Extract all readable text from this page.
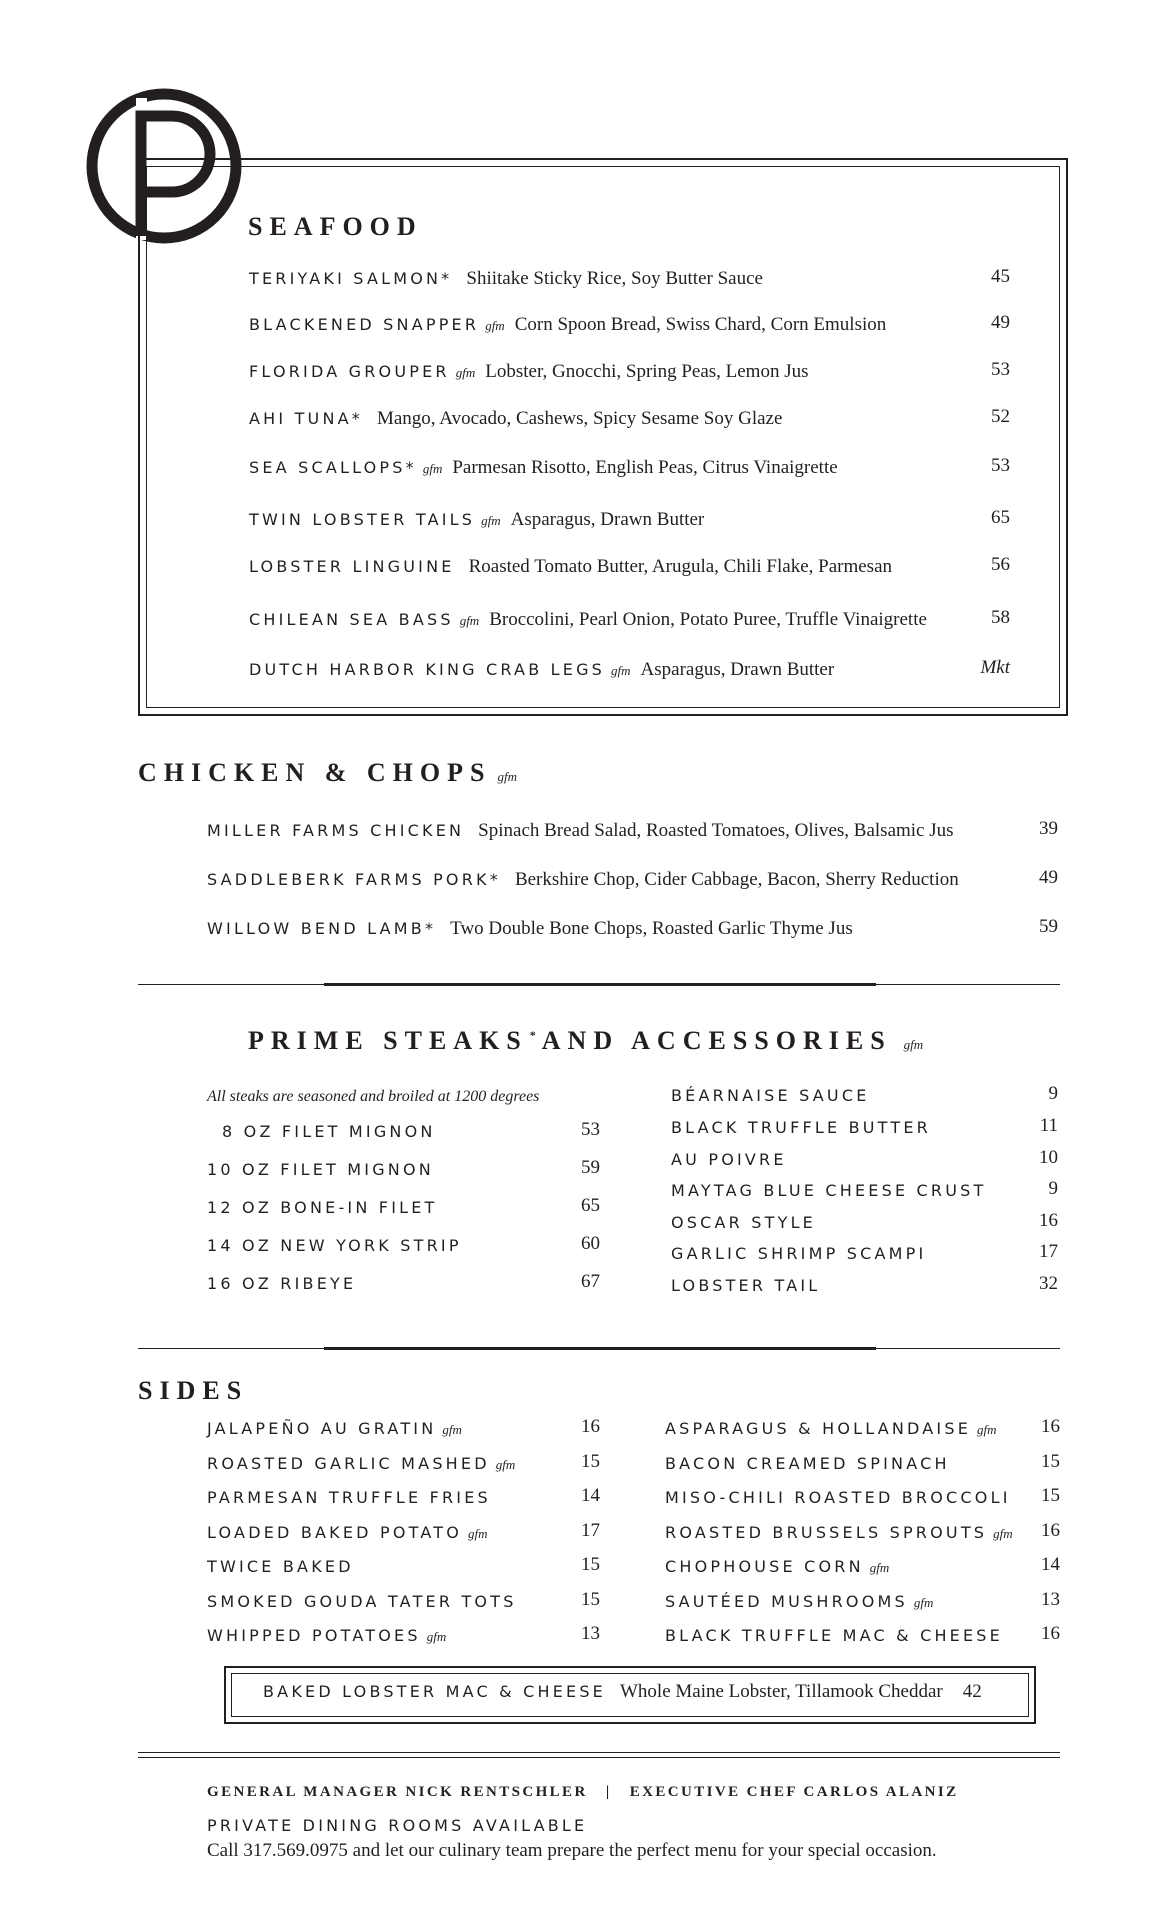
SEAFOOD
TERIYAKI SALMON* Shiitake Sticky Rice, Soy Butter Sauce	45
BLACKENED SNAPPER gfm Corn Spoon Bread, Swiss Chard, Corn Emulsion	49
FLORIDA GROUPER gfm Lobster, Gnocchi, Spring Peas, Lemon Jus	53
AHI TUNA* Mango, Avocado, Cashews, Spicy Sesame Soy Glaze	52
SEA SCALLOPS* gfm Parmesan Risotto, English Peas, Citrus Vinaigrette	53
TWIN LOBSTER TAILS gfm Asparagus, Drawn Butter	65
LOBSTER LINGUINE Roasted Tomato Butter, Arugula, Chili Flake, Parmesan	56
CHILEAN SEA BASS gfm Broccolini, Pearl Onion, Potato Puree, Truffle Vinaigrette	58
DUTCH HARBOR KING CRAB LEGS gfm Asparagus, Drawn Butter	Mkt
CHICKEN & CHOPS gfm
MILLER FARMS CHICKEN Spinach Bread Salad, Roasted Tomatoes, Olives, Balsamic Jus	39
SADDLEBERK FARMS PORK* Berkshire Chop, Cider Cabbage, Bacon, Sherry Reduction	49
WILLOW BEND LAMB* Two Double Bone Chops, Roasted Garlic Thyme Jus	59
PRIME STEAKS * AND ACCESSORIES gfm
All steaks are seasoned and broiled at 1200 degrees
8 OZ FILET MIGNON	53
10 OZ FILET MIGNON	59
12 OZ BONE-IN FILET	65
14 OZ NEW YORK STRIP	60
16 OZ RIBEYE	67
BÉARNAISE SAUCE	9
BLACK TRUFFLE BUTTER	11
AU POIVRE	10
MAYTAG BLUE CHEESE CRUST	9
OSCAR STYLE	16
GARLIC SHRIMP SCAMPI	17
LOBSTER TAIL	32
SIDES
JALAPEÑO AU GRATIN gfm	16
ROASTED GARLIC MASHED gfm	15
PARMESAN TRUFFLE FRIES	14
LOADED BAKED POTATO gfm	17
TWICE BAKED	15
SMOKED GOUDA TATER TOTS	15
WHIPPED POTATOES gfm	13
ASPARAGUS & HOLLANDAISE gfm	16
BACON CREAMED SPINACH	15
MISO-CHILI ROASTED BROCCOLI	15
ROASTED BRUSSELS SPROUTS gfm	16
CHOPHOUSE CORN gfm	14
SAUTÉED MUSHROOMS gfm	13
BLACK TRUFFLE MAC & CHEESE	16
BAKED LOBSTER MAC & CHEESE Whole Maine Lobster, Tillamook Cheddar 42
GENERAL MANAGER NICK RENTSCHLER | EXECUTIVE CHEF CARLOS ALANIZ
PRIVATE DINING ROOMS AVAILABLE
Call 317.569.0975 and let our culinary team prepare the perfect menu for your special occasion.
